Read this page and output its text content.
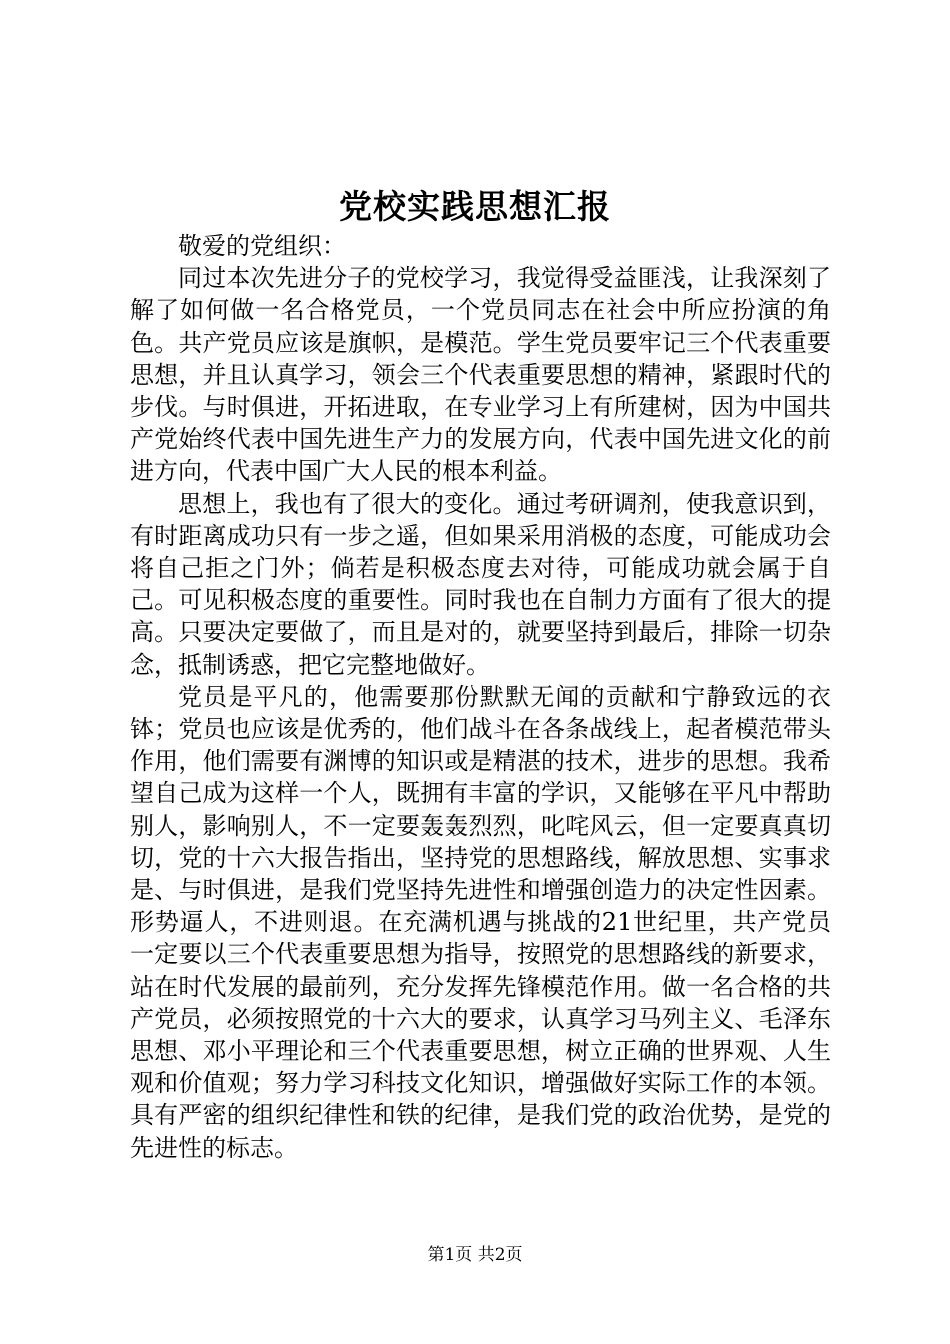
党校实践思想汇报

敬爱的党组织：

同过本次先进分子的党校学习，我觉得受益匪浅，让我深刻了解了如何做一名合格党员，一个党员同志在社会中所应扮演的角色。共产党员应该是旗帜，是模范。学生党员要牢记三个代表重要思想，并且认真学习，领会三个代表重要思想的精神，紧跟时代的步伐。与时俱进，开拓进取，在专业学习上有所建树，因为中国共产党始终代表中国先进生产力的发展方向，代表中国先进文化的前进方向，代表中国广大人民的根本利益。

思想上，我也有了很大的变化。通过考研调剂，使我意识到，有时距离成功只有一步之遥，但如果采用消极的态度，可能成功会将自己拒之门外；倘若是积极态度去对待，可能成功就会属于自己。可见积极态度的重要性。同时我也在自制力方面有了很大的提高。只要决定要做了，而且是对的，就要坚持到最后，排除一切杂念，抵制诱惑，把它完整地做好。

党员是平凡的，他需要那份默默无闻的贡献和宁静致远的衣钵；党员也应该是优秀的，他们战斗在各条战线上，起者模范带头作用，他们需要有渊博的知识或是精湛的技术，进步的思想。我希望自己成为这样一个人，既拥有丰富的学识，又能够在平凡中帮助别人，影响别人，不一定要轰轰烈烈，叱咤风云，但一定要真真切切，党的十六大报告指出，坚持党的思想路线，解放思想、实事求是、与时俱进，是我们党坚持先进性和增强创造力的决定性因素。形势逼人，不进则退。在充满机遇与挑战的21世纪里，共产党员一定要以三个代表重要思想为指导，按照党的思想路线的新要求，站在时代发展的最前列，充分发挥先锋模范作用。做一名合格的共产党员，必须按照党的十六大的要求，认真学习马列主义、毛泽东思想、邓小平理论和三个代表重要思想，树立正确的世界观、人生观和价值观；努力学习科技文化知识，增强做好实际工作的本领。具有严密的组织纪律性和铁的纪律，是我们党的政治优势，是党的先进性的标志。

第1页 共2页
